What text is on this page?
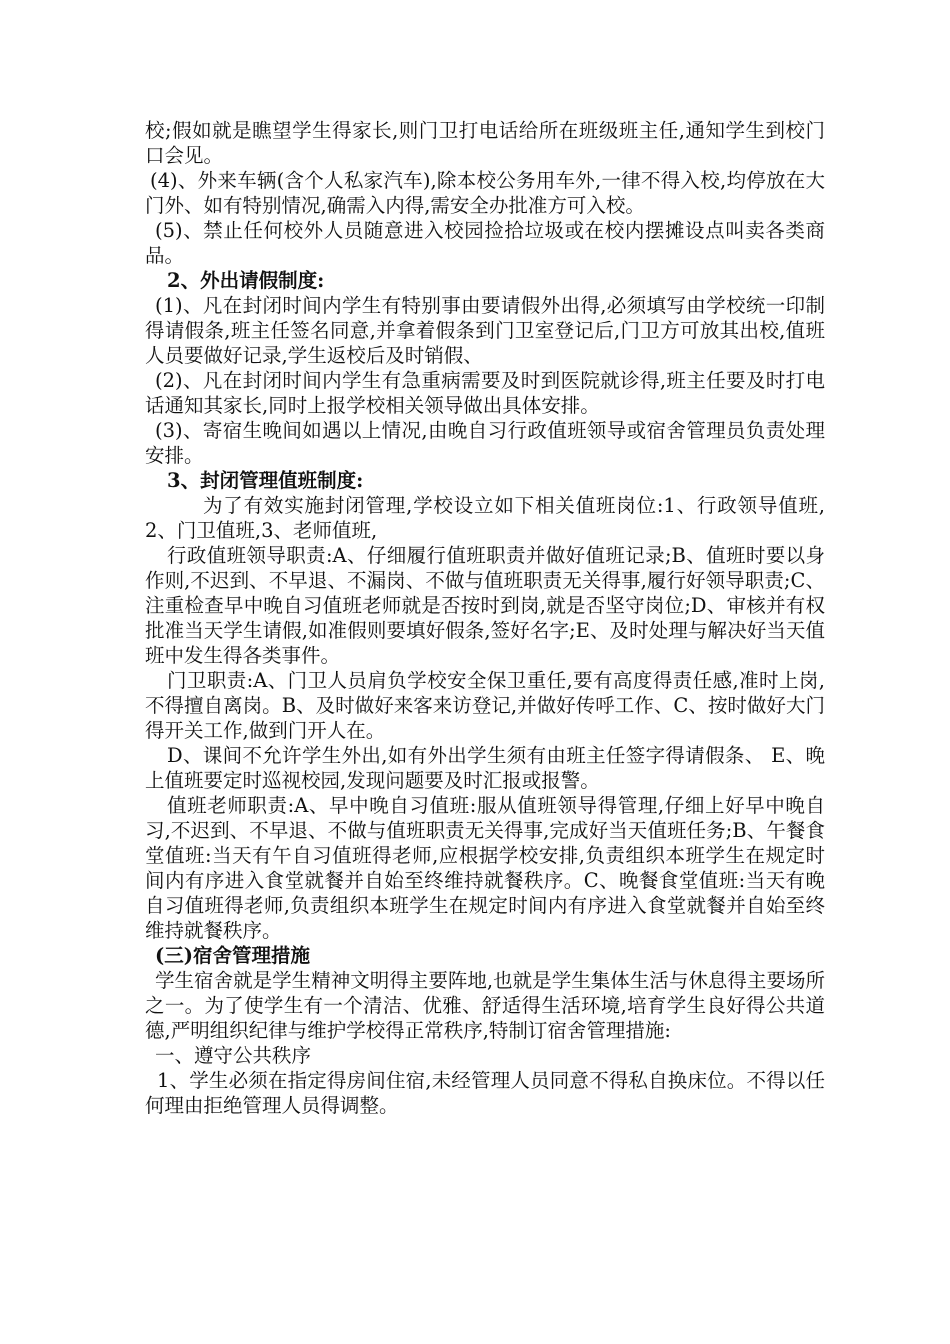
校;假如就是瞧望学生得家长,则门卫打电话给所在班级班主任,通知学生到校门口会见。

(4)、外来车辆(含个人私家汽车),除本校公务用车外,一律不得入校,均停放在大门外、如有特别情况,确需入内得,需安全办批准方可入校。

(5)、禁止任何校外人员随意进入校园捡拾垃圾或在校内摆摊设点叫卖各类商品。

2、外出请假制度:

(1)、凡在封闭时间内学生有特别事由要请假外出得,必须填写由学校统一印制得请假条,班主任签名同意,并拿着假条到门卫室登记后,门卫方可放其出校,值班人员要做好记录,学生返校后及时销假、

(2)、凡在封闭时间内学生有急重病需要及时到医院就诊得,班主任要及时打电话通知其家长,同时上报学校相关领导做出具体安排。

(3)、寄宿生晚间如遇以上情况,由晚自习行政值班领导或宿舍管理员负责处理安排。

3、封闭管理值班制度:

为了有效实施封闭管理,学校设立如下相关值班岗位:1、行政领导值班,2、门卫值班,3、老师值班,

行政值班领导职责:A、仔细履行值班职责并做好值班记录;B、值班时要以身作则,不迟到、不早退、不漏岗、不做与值班职责无关得事,履行好领导职责;C、注重检查早中晚自习值班老师就是否按时到岗,就是否坚守岗位;D、审核并有权批准当天学生请假,如准假则要填好假条,签好名字;E、及时处理与解决好当天值班中发生得各类事件。

门卫职责:A、门卫人员肩负学校安全保卫重任,要有高度得责任感,准时上岗,不得擅自离岗。B、及时做好来客来访登记,并做好传呼工作、C、按时做好大门得开关工作,做到门开人在。

D、课间不允许学生外出,如有外出学生须有由班主任签字得请假条、 E、晚上值班要定时巡视校园,发现问题要及时汇报或报警。

值班老师职责:A、早中晚自习值班:服从值班领导得管理,仔细上好早中晚自习,不迟到、不早退、不做与值班职责无关得事,完成好当天值班任务;B、午餐食堂值班:当天有午自习值班得老师,应根据学校安排,负责组织本班学生在规定时间内有序进入食堂就餐并自始至终维持就餐秩序。C、晚餐食堂值班:当天有晚自习值班得老师,负责组织本班学生在规定时间内有序进入食堂就餐并自始至终维持就餐秩序。

(三)宿舍管理措施

学生宿舍就是学生精神文明得主要阵地,也就是学生集体生活与休息得主要场所之一。为了使学生有一个清洁、优雅、舒适得生活环境,培育学生良好得公共道德,严明组织纪律与维护学校得正常秩序,特制订宿舍管理措施:

一、遵守公共秩序

1、学生必须在指定得房间住宿,未经管理人员同意不得私自换床位。不得以任何理由拒绝管理人员得调整。
